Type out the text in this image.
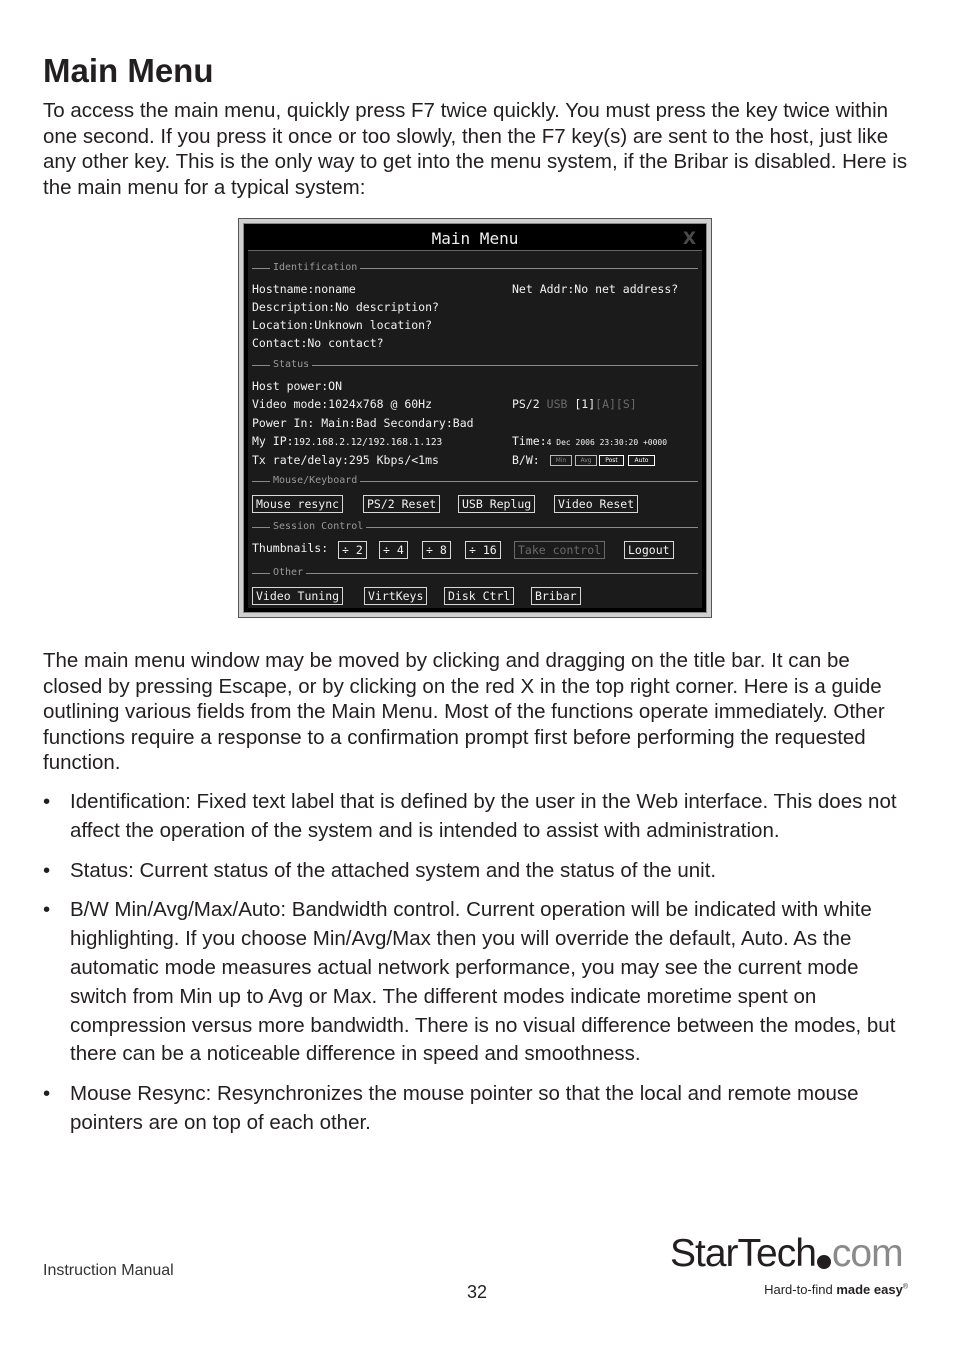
Main Menu

To access the main menu, quickly press F7 twice quickly. You must press the key twice within one second. If you press it once or too slowly, then the F7 key(s) are sent to the host, just like any other key. This is the only way to get into the menu system, if the Bribar is disabled. Here is the main menu for a typical system:

Main Menu	X
Identification
Hostname:noname	Net Addr:No net address?
Description:No description?
Location:Unknown location?
Contact:No contact?
Status
Host power:ON
Video mode:1024x768 @ 60Hz	PS/2 USB [1][A][S]
Power In: Main:Bad Secondary:Bad
My IP:192.168.2.12/192.168.1.123	Time:4 Dec 2006 23:30:20 +0000
Tx rate/delay:295 Kbps/<1ms	B/W:	Min	Avg	Post	Auto
Mouse/Keyboard
Mouse resync	PS/2 Reset	USB Replug	Video Reset
Session Control
Thumbnails:	÷ 2	÷ 4	÷ 8	÷ 16	Take control	Logout
Other
Video Tuning	VirtKeys	Disk Ctrl	Bribar

The main menu window may be moved by clicking and dragging on the title bar. It can be closed by pressing Escape, or by clicking on the red X in the top right corner. Here is a guide outlining various fields from the Main Menu. Most of the functions operate immediately. Other functions require a response to a confirmation prompt first before performing the requested function.

• Identification: Fixed text label that is defined by the user in the Web interface. This does not affect the operation of the system and is intended to assist with administration.
• Status: Current status of the attached system and the status of the unit.
• B/W Min/Avg/Max/Auto: Bandwidth control. Current operation will be indicated with white highlighting. If you choose Min/Avg/Max then you will override the default, Auto. As the automatic mode measures actual network performance, you may see the current mode switch from Min up to Avg or Max. The different modes indicate moretime spent on compression versus more bandwidth. There is no visual difference between the modes, but there can be a noticeable difference in speed and smoothness.
• Mouse Resync: Resynchronizes the mouse pointer so that the local and remote mouse pointers are on top of each other.
Instruction Manual
32
StarTech com
Hard-to-find made easy®
